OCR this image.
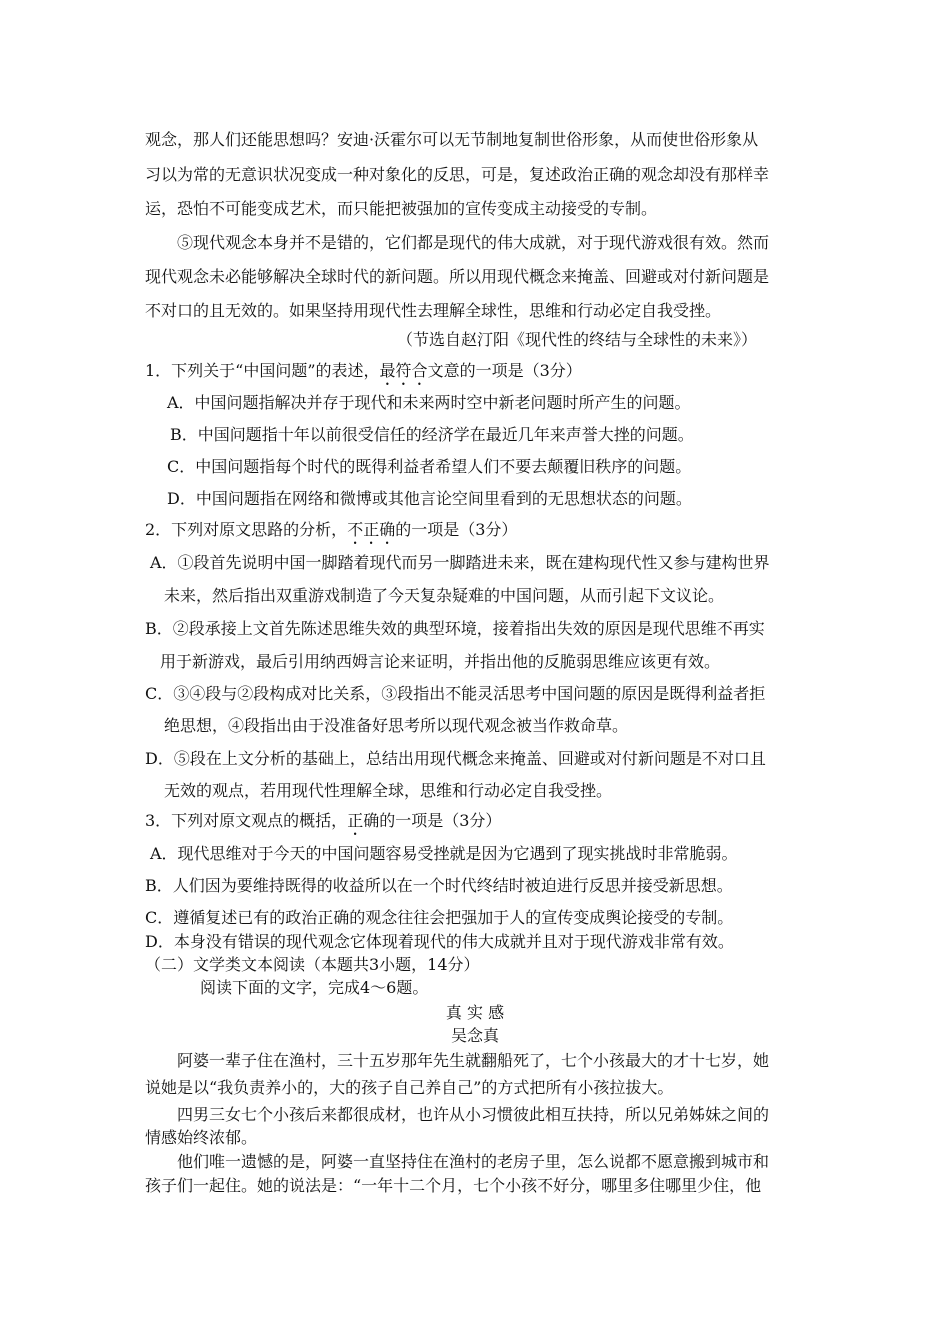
观念，那人们还能思想吗？安迪·沃霍尔可以无节制地复制世俗形象，从而使世俗形象从
习以为常的无意识状况变成一种对象化的反思，可是，复述政治正确的观念却没有那样幸
运，恐怕不可能变成艺术，而只能把被强加的宣传变成主动接受的专制。
⑤现代观念本身并不是错的，它们都是现代的伟大成就，对于现代游戏很有效。然而
现代观念未必能够解决全球时代的新问题。所以用现代概念来掩盖、回避或对付新问题是
不对口的且无效的。如果坚持用现代性去理解全球性，思维和行动必定自我受挫。
（节选自赵汀阳《现代性的终结与全球性的未来》）
1．下列关于“中国问题”的表述，最符合文意的一项是（3分）
A．中国问题指解决并存于现代和未来两时空中新老问题时所产生的问题。
B．中国问题指十年以前很受信任的经济学在最近几年来声誉大挫的问题。
C．中国问题指每个时代的既得利益者希望人们不要去颠覆旧秩序的问题。
D．中国问题指在网络和微博或其他言论空间里看到的无思想状态的问题。
2．下列对原文思路的分析，不正确的一项是（3分）
A．①段首先说明中国一脚踏着现代而另一脚踏进未来，既在建构现代性又参与建构世界
未来，然后指出双重游戏制造了今天复杂疑难的中国问题，从而引起下文议论。
B．②段承接上文首先陈述思维失效的典型环境，接着指出失效的原因是现代思维不再实
用于新游戏，最后引用纳西姆言论来证明，并指出他的反脆弱思维应该更有效。
C．③④段与②段构成对比关系，③段指出不能灵活思考中国问题的原因是既得利益者拒
绝思想，④段指出由于没准备好思考所以现代观念被当作救命草。
D．⑤段在上文分析的基础上，总结出用现代概念来掩盖、回避或对付新问题是不对口且
无效的观点，若用现代性理解全球，思维和行动必定自我受挫。
3．下列对原文观点的概括，正确的一项是（3分）
A．现代思维对于今天的中国问题容易受挫就是因为它遇到了现实挑战时非常脆弱。
B．人们因为要维持既得的收益所以在一个时代终结时被迫进行反思并接受新思想。
C．遵循复述已有的政治正确的观念往往会把强加于人的宣传变成舆论接受的专制。
D．本身没有错误的现代观念它体现着现代的伟大成就并且对于现代游戏非常有效。
（二）文学类文本阅读（本题共3小题，14分）
阅读下面的文字，完成4～6题。
真 实 感
吴念真
阿婆一辈子住在渔村，三十五岁那年先生就翻船死了，七个小孩最大的才十七岁，她
说她是以“我负责养小的，大的孩子自己养自己”的方式把所有小孩拉拔大。
四男三女七个小孩后来都很成材，也许从小习惯彼此相互扶持，所以兄弟姊妹之间的
情感始终浓郁。
他们唯一遗憾的是，阿婆一直坚持住在渔村的老房子里，怎么说都不愿意搬到城市和
孩子们一起住。她的说法是：“一年十二个月，七个小孩不好分，哪里多住哪里少住，他
